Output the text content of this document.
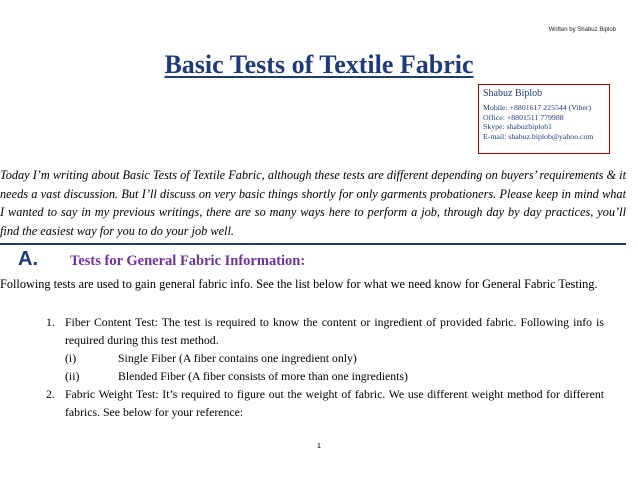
Written by Shabuz Biplob
Basic Tests of Textile Fabric
Shabuz Biplob
Mobile: +8801617 225544 (Viber)
Office: +8801511 779988
Skype: shabuzbiplob1
E-mail: shabuz.biplob@yahoo.com
Today I’m writing about Basic Tests of Textile Fabric, although these tests are different depending on buyers’ requirements & it needs a vast discussion. But I’ll discuss on very basic things shortly for only garments probationers. Please keep in mind what I wanted to say in my previous writings, there are so many ways here to perform a job, through day by day practices, you’ll find the easiest way for you to do your job well.
A.	Tests for General Fabric Information:
Following tests are used to gain general fabric info. See the list below for what we need know for General Fabric Testing.
1. Fiber Content Test: The test is required to know the content or ingredient of provided fabric. Following info is required during this test method.
(i)	Single Fiber (A fiber contains one ingredient only)
(ii)	Blended Fiber (A fiber consists of more than one ingredients)
2. Fabric Weight Test: It’s required to figure out the weight of fabric. We use different weight method for different fabrics. See below for your reference:
1
